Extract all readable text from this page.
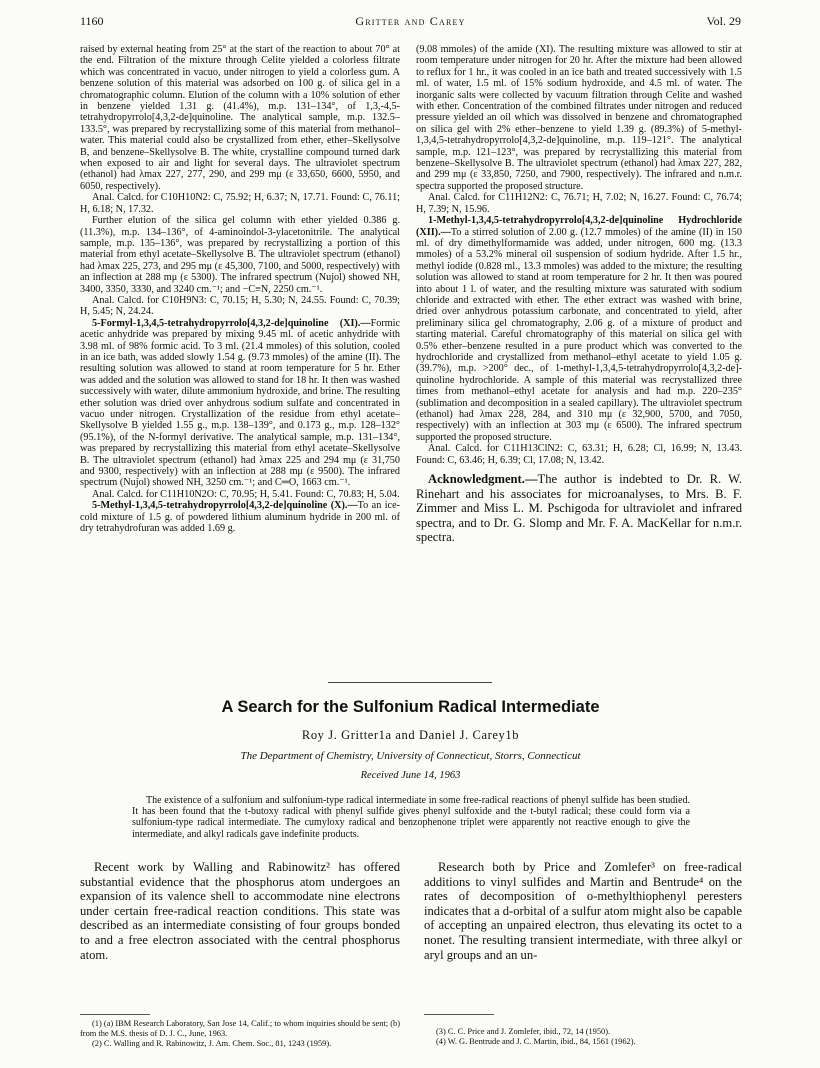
1160	Gritter and Carey	Vol. 29

raised by external heating from 25° at the start of the reaction to about 70° at the end. Filtration of the mixture through Celite yielded a colorless filtrate which was concentrated in vacuo, under nitrogen to yield a colorless gum. A benzene solution of this material was adsorbed on 100 g. of silica gel in a chromatographic column. Elution of the column with a 10% solution of ether in benzene yielded 1.31 g. (41.4%), m.p. 131–134°, of 1,3,-4,5-tetrahydropyrrolo[4,3,2-de]quinoline. The analytical sample, m.p. 132.5–133.5°, was prepared by recrystallizing some of this material from methanol–water. This material could also be crystallized from ether, ether–Skellysolve B, and benzene–Skellysolve B. The white, crystalline compound turned dark when exposed to air and light for several days. The ultraviolet spectrum (ethanol) had λmax 227, 277, 290, and 299 mμ (ε 33,650, 6600, 5950, and 6050, respectively).

Anal. Calcd. for C10H10N2: C, 75.92; H, 6.37; N, 17.71. Found: C, 76.11; H, 6.18; N, 17.32.

Further elution of the silica gel column with ether yielded 0.386 g. (11.3%), m.p. 134–136°, of 4-aminoindol-3-ylacetonitrile. The analytical sample, m.p. 135–136°, was prepared by recrystallizing a portion of this material from ethyl acetate–Skellysolve B. The ultraviolet spectrum (ethanol) had λmax 225, 273, and 295 mμ (ε 45,300, 7100, and 5000, respectively) with an inflection at 288 mμ (ε 5300). The infrared spectrum (Nujol) showed NH, 3400, 3350, 3330, and 3240 cm.⁻¹; and −C≡N, 2250 cm.⁻¹.

Anal. Calcd. for C10H9N3: C, 70.15; H, 5.30; N, 24.55. Found: C, 70.39; H, 5.45; N, 24.24.

5-Formyl-1,3,4,5-tetrahydropyrrolo[4,3,2-de]quinoline (XI).—Formic acetic anhydride was prepared by mixing 9.45 ml. of acetic anhydride with 3.98 ml. of 98% formic acid. To 3 ml. (21.4 mmoles) of this solution, cooled in an ice bath, was added slowly 1.54 g. (9.73 mmoles) of the amine (II). The resulting solution was allowed to stand at room temperature for 5 hr. Ether was added and the solution was allowed to stand for 18 hr. It then was washed successively with water, dilute ammonium hydroxide, and brine. The resulting ether solution was dried over anhydrous sodium sulfate and concentrated in vacuo under nitrogen. Crystallization of the residue from ethyl acetate–Skellysolve B yielded 1.55 g., m.p. 138–139°, and 0.173 g., m.p. 128–132° (95.1%), of the N-formyl derivative. The analytical sample, m.p. 131–134°, was prepared by recrystallizing this material from ethyl acetate–Skellysolve B. The ultraviolet spectrum (ethanol) had λmax 225 and 294 mμ (ε 31,750 and 9300, respectively) with an inflection at 288 mμ (ε 9500). The infrared spectrum (Nujol) showed NH, 3250 cm.⁻¹; and C═O, 1663 cm.⁻¹.

Anal. Calcd. for C11H10N2O: C, 70.95; H, 5.41. Found: C, 70.83; H, 5.04.

5-Methyl-1,3,4,5-tetrahydropyrrolo[4,3,2-de]quinoline (X).—To an ice-cold mixture of 1.5 g. of powdered lithium aluminum hydride in 200 ml. of dry tetrahydrofuran was added 1.69 g.

(9.08 mmoles) of the amide (XI). The resulting mixture was allowed to stir at room temperature under nitrogen for 20 hr. After the mixture had been allowed to reflux for 1 hr., it was cooled in an ice bath and treated successively with 1.5 ml. of water, 1.5 ml. of 15% sodium hydroxide, and 4.5 ml. of water. The inorganic salts were collected by vacuum filtration through Celite and washed with ether. Concentration of the combined filtrates under nitrogen and reduced pressure yielded an oil which was dissolved in benzene and chromatographed on silica gel with 2% ether–benzene to yield 1.39 g. (89.3%) of 5-methyl-1,3,4,5-tetrahydropyrrolo[4,3,2-de]quinoline, m.p. 119–121°. The analytical sample, m.p. 121–123°, was prepared by recrystallizing this material from benzene–Skellysolve B. The ultraviolet spectrum (ethanol) had λmax 227, 282, and 299 mμ (ε 33,850, 7250, and 7900, respectively). The infrared and n.m.r. spectra supported the proposed structure.

Anal. Calcd. for C11H12N2: C, 76.71; H, 7.02; N, 16.27. Found: C, 76.74; H, 7.39; N, 15.96.

1-Methyl-1,3,4,5-tetrahydropyrrolo[4,3,2-de]quinoline Hydrochloride (XII).—To a stirred solution of 2.00 g. (12.7 mmoles) of the amine (II) in 150 ml. of dry dimethylformamide was added, under nitrogen, 600 mg. (13.3 mmoles) of a 53.2% mineral oil suspension of sodium hydride. After 1.5 hr., methyl iodide (0.828 ml., 13.3 mmoles) was added to the mixture; the resulting solution was allowed to stand at room temperature for 2 hr. It then was poured into about 1 l. of water, and the resulting mixture was saturated with sodium chloride and extracted with ether. The ether extract was washed with brine, dried over anhydrous potassium carbonate, and concentrated to yield, after preliminary silica gel chromatography, 2.06 g. of a mixture of product and starting material. Careful chromatography of this material on silica gel with 0.5% ether–benzene resulted in a pure product which was converted to the hydrochloride and crystallized from methanol–ethyl acetate to yield 1.05 g. (39.7%), m.p. >200° dec., of 1-methyl-1,3,4,5-tetrahydropyrrolo[4,3,2-de]-quinoline hydrochloride. A sample of this material was recrystallized three times from methanol–ethyl acetate for analysis and had m.p. 220–235° (sublimation and decomposition in a sealed capillary). The ultraviolet spectrum (ethanol) had λmax 228, 284, and 310 mμ (ε 32,900, 5700, and 7050, respectively) with an inflection at 303 mμ (ε 6500). The infrared spectrum supported the proposed structure.

Anal. Calcd. for C11H13ClN2: C, 63.31; H, 6.28; Cl, 16.99; N, 13.43. Found: C, 63.46; H, 6.39; Cl, 17.08; N, 13.42.

Acknowledgment.—The author is indebted to Dr. R. W. Rinehart and his associates for microanalyses, to Mrs. B. F. Zimmer and Miss L. M. Pschigoda for ultraviolet and infrared spectra, and to Dr. G. Slomp and Mr. F. A. MacKellar for n.m.r. spectra.

A Search for the Sulfonium Radical Intermediate
Roy J. Gritter1a and Daniel J. Carey1b
The Department of Chemistry, University of Connecticut, Storrs, Connecticut
Received June 14, 1963
The existence of a sulfonium and sulfonium-type radical intermediate in some free-radical reactions of phenyl sulfide has been studied. It has been found that the t-butoxy radical with phenyl sulfide gives phenyl sulfoxide and the t-butyl radical; these could form via a sulfonium-type radical intermediate. The cumyloxy radical and benzophenone triplet were apparently not reactive enough to give the intermediate, and alkyl radicals gave indefinite products.
Recent work by Walling and Rabinowitz² has offered substantial evidence that the phosphorus atom undergoes an expansion of its valence shell to accommodate nine electrons under certain free-radical reaction conditions. This state was described as an intermediate consisting of four groups bonded to and a free electron associated with the central phosphorus atom.
Research both by Price and Zomlefer³ on free-radical additions to vinyl sulfides and Martin and Bentrude⁴ on the rates of decomposition of o-methylthiophenyl peresters indicates that a d-orbital of a sulfur atom might also be capable of accepting an unpaired electron, thus elevating its octet to a nonet. The resulting transient intermediate, with three alkyl or aryl groups and an un-
(1) (a) IBM Research Laboratory, San Jose 14, Calif.; to whom inquiries should be sent; (b) from the M.S. thesis of D. J. C., June, 1963.
(2) C. Walling and R. Rabinowitz, J. Am. Chem. Soc., 81, 1243 (1959).
(3) C. C. Price and J. Zomlefer, ibid., 72, 14 (1950).
(4) W. G. Bentrude and J. C. Martin, ibid., 84, 1561 (1962).
